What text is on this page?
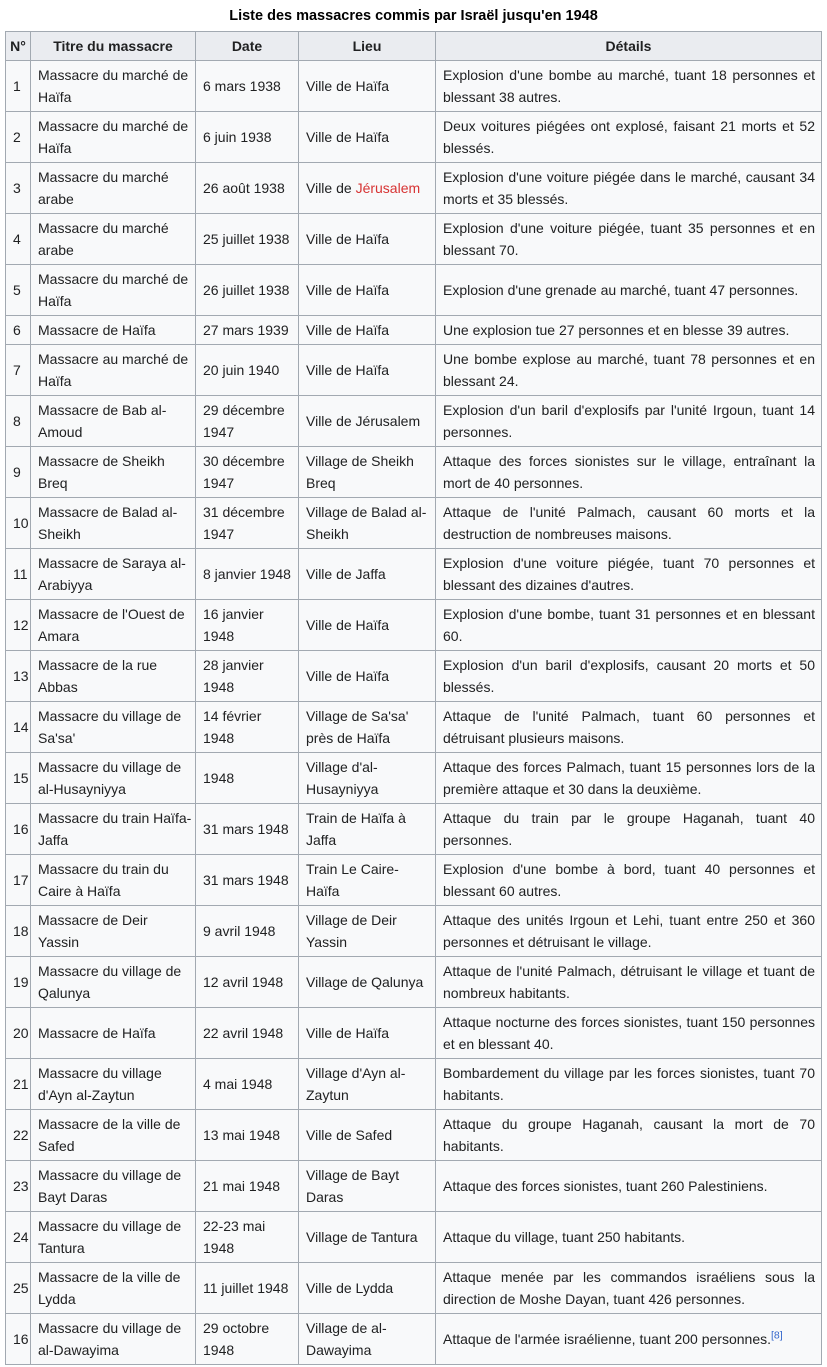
Liste des massacres commis par Israël jusqu'en 1948
N°	Titre du massacre	Date	Lieu	Détails
1	Massacre du marché de Haïfa	6 mars 1938	Ville de Haïfa	Explosion d'une bombe au marché, tuant 18 personnes et blessant 38 autres.
2	Massacre du marché de Haïfa	6 juin 1938	Ville de Haïfa	Deux voitures piégées ont explosé, faisant 21 morts et 52 blessés.
3	Massacre du marché arabe	26 août 1938	Ville de Jérusalem	Explosion d'une voiture piégée dans le marché, causant 34 morts et 35 blessés.
4	Massacre du marché arabe	25 juillet 1938	Ville de Haïfa	Explosion d'une voiture piégée, tuant 35 personnes et en blessant 70.
5	Massacre du marché de Haïfa	26 juillet 1938	Ville de Haïfa	Explosion d'une grenade au marché, tuant 47 personnes.
6	Massacre de Haïfa	27 mars 1939	Ville de Haïfa	Une explosion tue 27 personnes et en blesse 39 autres.
7	Massacre au marché de Haïfa	20 juin 1940	Ville de Haïfa	Une bombe explose au marché, tuant 78 personnes et en blessant 24.
8	Massacre de Bab al-Amoud	29 décembre 1947	Ville de Jérusalem	Explosion d'un baril d'explosifs par l'unité Irgoun, tuant 14 personnes.
9	Massacre de Sheikh Breq	30 décembre 1947	Village de Sheikh Breq	Attaque des forces sionistes sur le village, entraînant la mort de 40 personnes.
10	Massacre de Balad al-Sheikh	31 décembre 1947	Village de Balad al-Sheikh	Attaque de l'unité Palmach, causant 60 morts et la destruction de nombreuses maisons.
11	Massacre de Saraya al-Arabiyya	8 janvier 1948	Ville de Jaffa	Explosion d'une voiture piégée, tuant 70 personnes et blessant des dizaines d'autres.
12	Massacre de l'Ouest de Amara	16 janvier 1948	Ville de Haïfa	Explosion d'une bombe, tuant 31 personnes et en blessant 60.
13	Massacre de la rue Abbas	28 janvier 1948	Ville de Haïfa	Explosion d'un baril d'explosifs, causant 20 morts et 50 blessés.
14	Massacre du village de Sa'sa'	14 février 1948	Village de Sa'sa' près de Haïfa	Attaque de l'unité Palmach, tuant 60 personnes et détruisant plusieurs maisons.
15	Massacre du village de al-Husayniyya	1948	Village d'al-Husayniyya	Attaque des forces Palmach, tuant 15 personnes lors de la première attaque et 30 dans la deuxième.
16	Massacre du train Haïfa-Jaffa	31 mars 1948	Train de Haïfa à Jaffa	Attaque du train par le groupe Haganah, tuant 40 personnes.
17	Massacre du train du Caire à Haïfa	31 mars 1948	Train Le Caire-Haïfa	Explosion d'une bombe à bord, tuant 40 personnes et blessant 60 autres.
18	Massacre de Deir Yassin	9 avril 1948	Village de Deir Yassin	Attaque des unités Irgoun et Lehi, tuant entre 250 et 360 personnes et détruisant le village.
19	Massacre du village de Qalunya	12 avril 1948	Village de Qalunya	Attaque de l'unité Palmach, détruisant le village et tuant de nombreux habitants.
20	Massacre de Haïfa	22 avril 1948	Ville de Haïfa	Attaque nocturne des forces sionistes, tuant 150 personnes et en blessant 40.
21	Massacre du village d'Ayn al-Zaytun	4 mai 1948	Village d'Ayn al-Zaytun	Bombardement du village par les forces sionistes, tuant 70 habitants.
22	Massacre de la ville de Safed	13 mai 1948	Ville de Safed	Attaque du groupe Haganah, causant la mort de 70 habitants.
23	Massacre du village de Bayt Daras	21 mai 1948	Village de Bayt Daras	Attaque des forces sionistes, tuant 260 Palestiniens.
24	Massacre du village de Tantura	22-23 mai 1948	Village de Tantura	Attaque du village, tuant 250 habitants.
25	Massacre de la ville de Lydda	11 juillet 1948	Ville de Lydda	Attaque menée par les commandos israéliens sous la direction de Moshe Dayan, tuant 426 personnes.
16	Massacre du village de al-Dawayima	29 octobre 1948	Village de al-Dawayima	Attaque de l'armée israélienne, tuant 200 personnes.[8]
